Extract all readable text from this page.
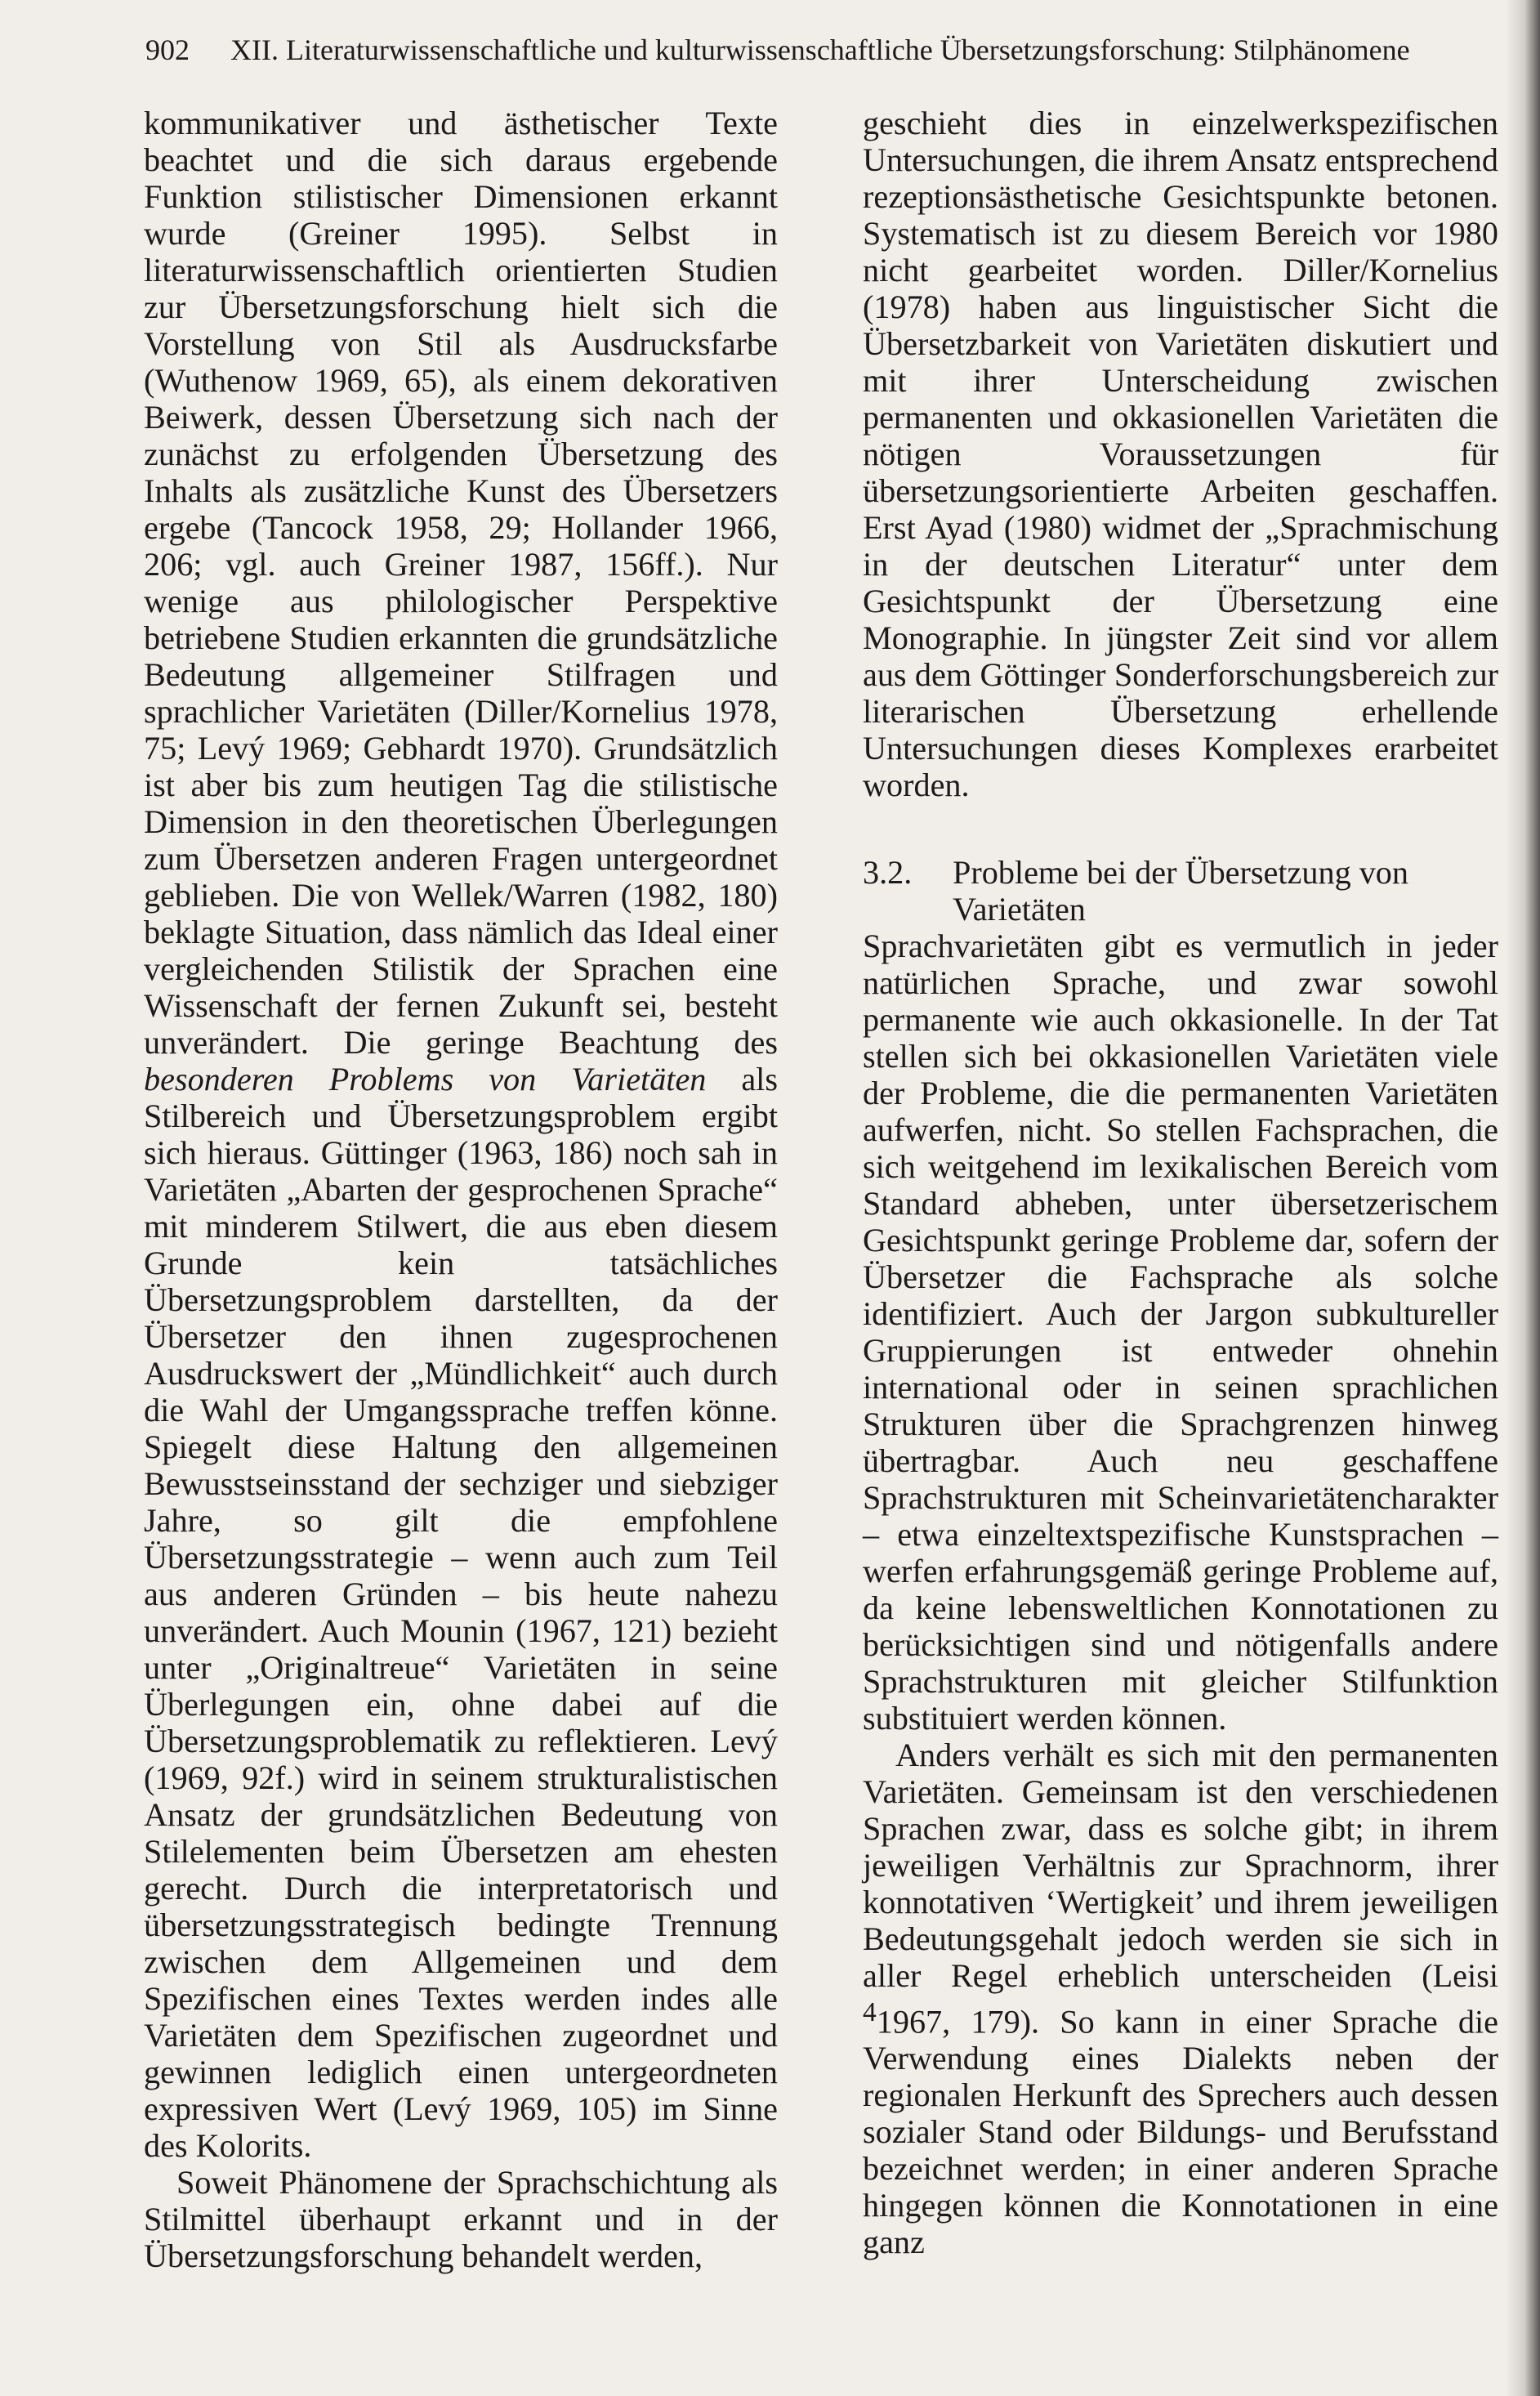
902 XII. Literaturwissenschaftliche und kulturwissenschaftliche Übersetzungsforschung: Stilphänomene

kommunikativer und ästhetischer Texte beachtet und die sich daraus ergebende Funktion stilistischer Dimensionen erkannt wurde (Greiner 1995). Selbst in literaturwissenschaftlich orientierten Studien zur Übersetzungsforschung hielt sich die Vorstellung von Stil als Ausdrucksfarbe (Wuthenow 1969, 65), als einem dekorativen Beiwerk, dessen Übersetzung sich nach der zunächst zu erfolgenden Übersetzung des Inhalts als zusätzliche Kunst des Übersetzers ergebe (Tancock 1958, 29; Hollander 1966, 206; vgl. auch Greiner 1987, 156ff.). Nur wenige aus philologischer Perspektive betriebene Studien erkannten die grundsätzliche Bedeutung allgemeiner Stilfragen und sprachlicher Varietäten (Diller/Kornelius 1978, 75; Levý 1969; Gebhardt 1970). Grundsätzlich ist aber bis zum heutigen Tag die stilistische Dimension in den theoretischen Überlegungen zum Übersetzen anderen Fragen untergeordnet geblieben. Die von Wellek/Warren (1982, 180) beklagte Situation, dass nämlich das Ideal einer vergleichenden Stilistik der Sprachen eine Wissenschaft der fernen Zukunft sei, besteht unverändert. Die geringe Beachtung des besonderen Problems von Varietäten als Stilbereich und Übersetzungsproblem ergibt sich hieraus. Güttinger (1963, 186) noch sah in Varietäten „Abarten der gesprochenen Sprache“ mit minderem Stilwert, die aus eben diesem Grunde kein tatsächliches Übersetzungsproblem darstellten, da der Übersetzer den ihnen zugesprochenen Ausdruckswert der „Mündlichkeit“ auch durch die Wahl der Umgangssprache treffen könne. Spiegelt diese Haltung den allgemeinen Bewusstseinsstand der sechziger und siebziger Jahre, so gilt die empfohlene Übersetzungsstrategie – wenn auch zum Teil aus anderen Gründen – bis heute nahezu unverändert. Auch Mounin (1967, 121) bezieht unter „Originaltreue“ Varietäten in seine Überlegungen ein, ohne dabei auf die Übersetzungsproblematik zu reflektieren. Levý (1969, 92f.) wird in seinem strukturalistischen Ansatz der grundsätzlichen Bedeutung von Stilelementen beim Übersetzen am ehesten gerecht. Durch die interpretatorisch und übersetzungsstrategisch bedingte Trennung zwischen dem Allgemeinen und dem Spezifischen eines Textes werden indes alle Varietäten dem Spezifischen zugeordnet und gewinnen lediglich einen untergeordneten expressiven Wert (Levý 1969, 105) im Sinne des Kolorits.

Soweit Phänomene der Sprachschichtung als Stilmittel überhaupt erkannt und in der Übersetzungsforschung behandelt werden,

geschieht dies in einzelwerkspezifischen Untersuchungen, die ihrem Ansatz entsprechend rezeptionsästhetische Gesichtspunkte betonen. Systematisch ist zu diesem Bereich vor 1980 nicht gearbeitet worden. Diller/Kornelius (1978) haben aus linguistischer Sicht die Übersetzbarkeit von Varietäten diskutiert und mit ihrer Unterscheidung zwischen permanenten und okkasionellen Varietäten die nötigen Voraussetzungen für übersetzungsorientierte Arbeiten geschaffen. Erst Ayad (1980) widmet der „Sprachmischung in der deutschen Literatur“ unter dem Gesichtspunkt der Übersetzung eine Monographie. In jüngster Zeit sind vor allem aus dem Göttinger Sonderforschungsbereich zur literarischen Übersetzung erhellende Untersuchungen dieses Komplexes erarbeitet worden.

3.2.	Probleme bei der Übersetzung von Varietäten

Sprachvarietäten gibt es vermutlich in jeder natürlichen Sprache, und zwar sowohl permanente wie auch okkasionelle. In der Tat stellen sich bei okkasionellen Varietäten viele der Probleme, die die permanenten Varietäten aufwerfen, nicht. So stellen Fachsprachen, die sich weitgehend im lexikalischen Bereich vom Standard abheben, unter übersetzerischem Gesichtspunkt geringe Probleme dar, sofern der Übersetzer die Fachsprache als solche identifiziert. Auch der Jargon subkultureller Gruppierungen ist entweder ohnehin international oder in seinen sprachlichen Strukturen über die Sprachgrenzen hinweg übertragbar. Auch neu geschaffene Sprachstrukturen mit Scheinvarietätencharakter – etwa einzeltextspezifische Kunstsprachen – werfen erfahrungsgemäß geringe Probleme auf, da keine lebensweltlichen Konnotationen zu berücksichtigen sind und nötigenfalls andere Sprachstrukturen mit gleicher Stilfunktion substituiert werden können.

Anders verhält es sich mit den permanenten Varietäten. Gemeinsam ist den verschiedenen Sprachen zwar, dass es solche gibt; in ihrem jeweiligen Verhältnis zur Sprachnorm, ihrer konnotativen ‘Wertigkeit’ und ihrem jeweiligen Bedeutungsgehalt jedoch werden sie sich in aller Regel erheblich unterscheiden (Leisi $^4$1967, 179). So kann in einer Sprache die Verwendung eines Dialekts neben der regionalen Herkunft des Sprechers auch dessen sozialer Stand oder Bildungs- und Berufsstand bezeichnet werden; in einer anderen Sprache hingegen können die Konnotationen in eine ganz
